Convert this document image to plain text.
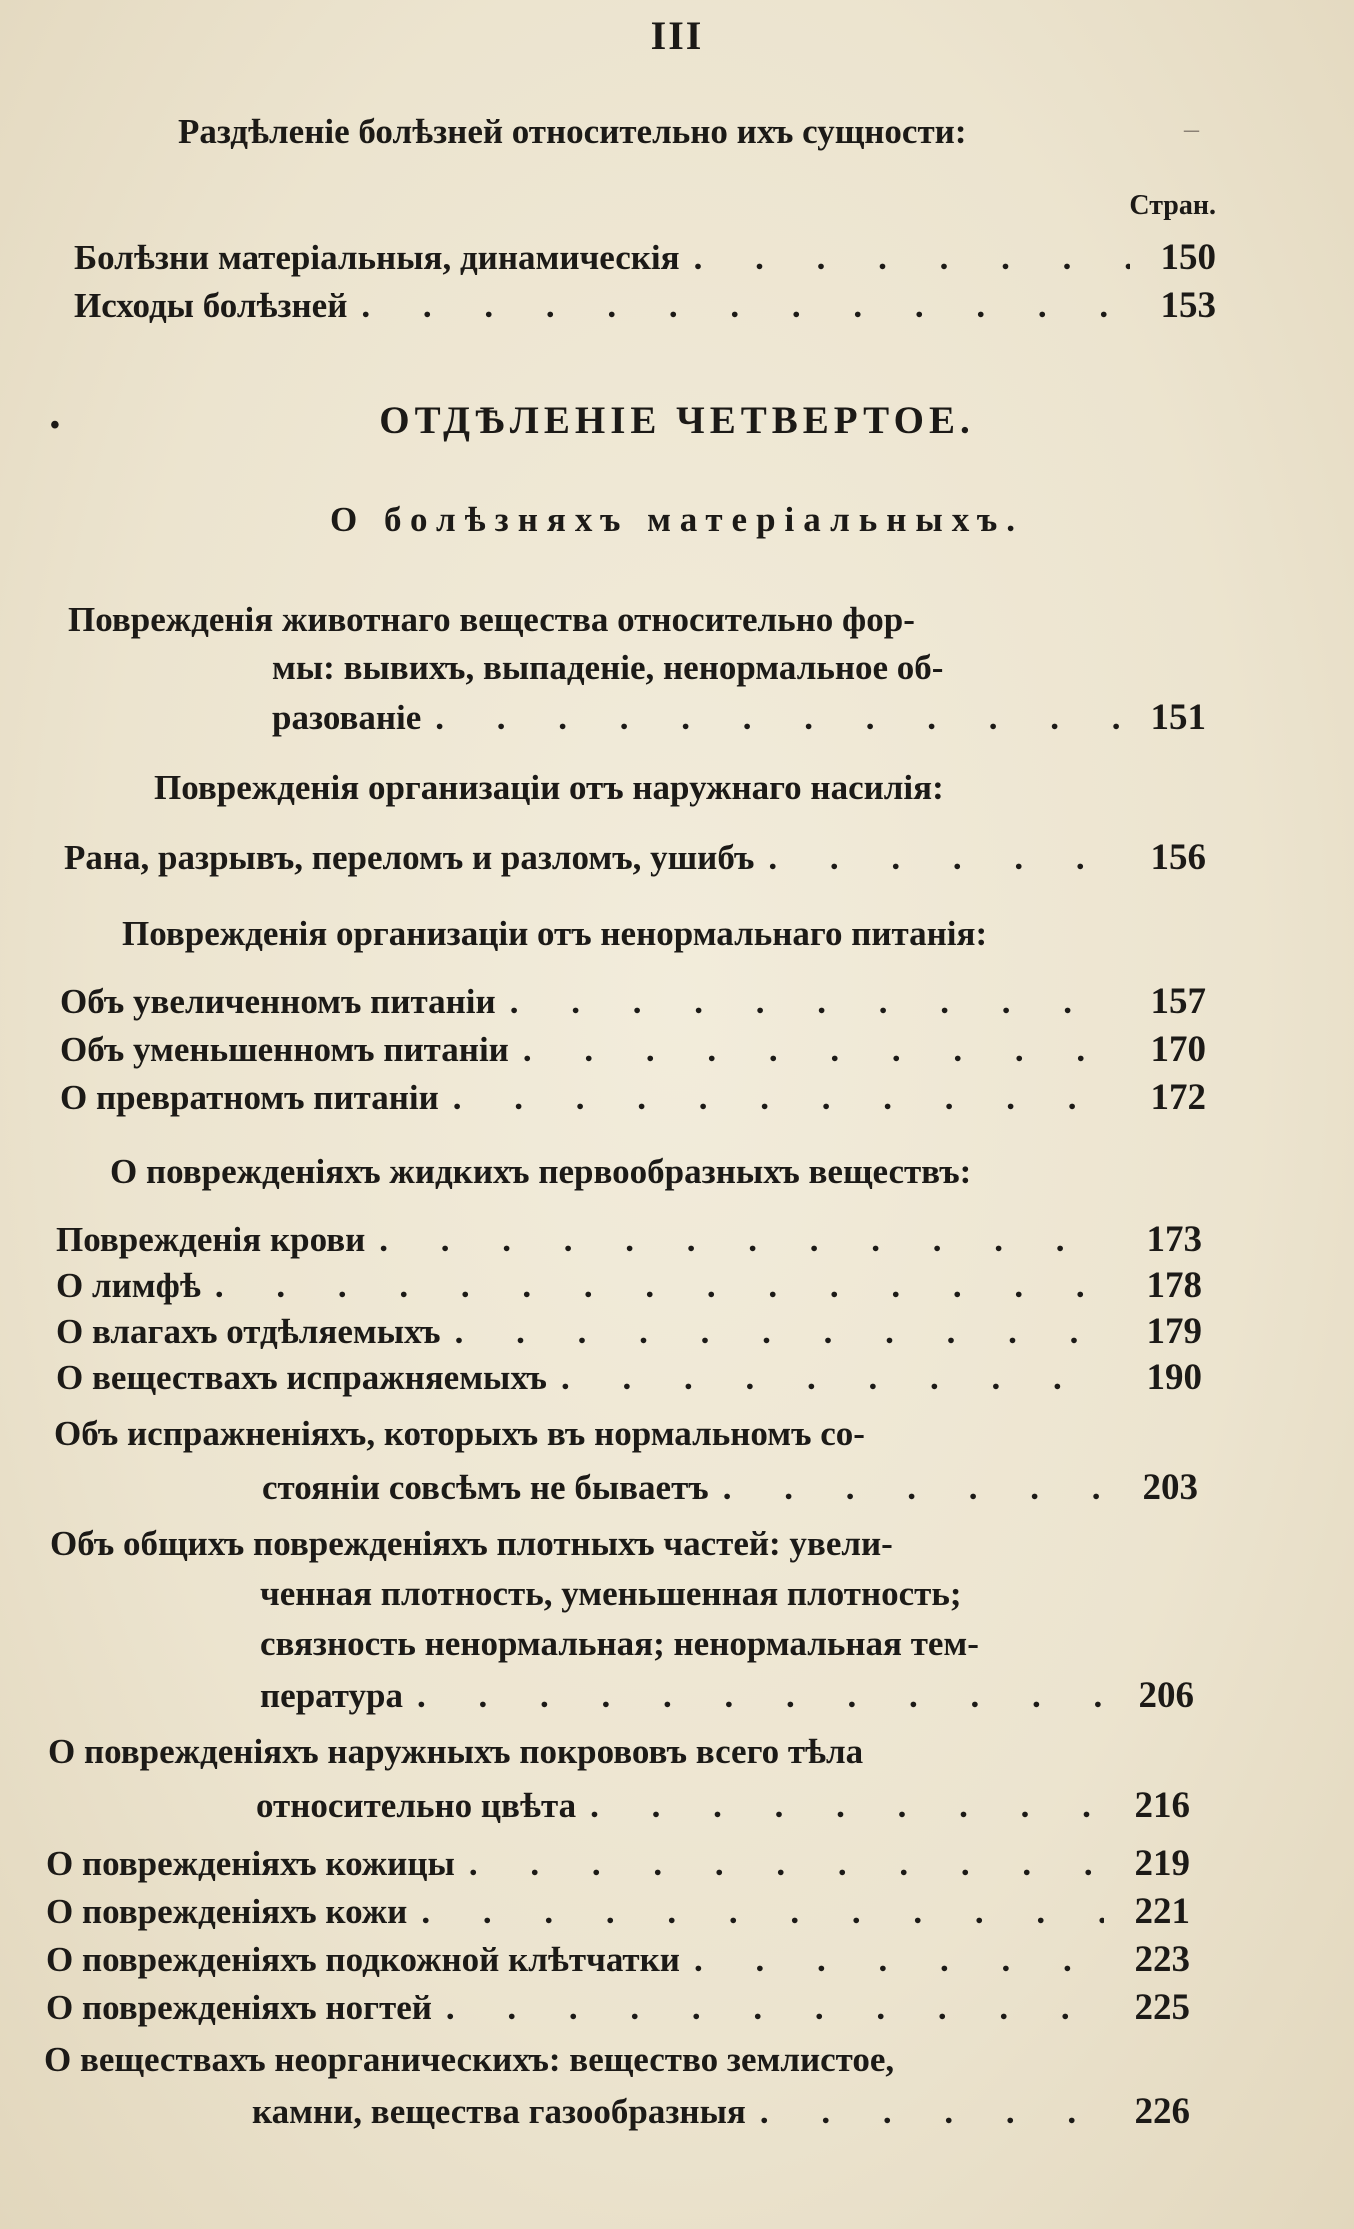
III
Раздѣленіе болѣзней относительно ихъ сущности:	–
Стран.
Болѣзни матеріальныя, динамическія . . .	150
Исходы болѣзней . . .	153
•	ОТДѢЛЕНІЕ ЧЕТВЕРТОЕ.
О болѣзняхъ матеріальныхъ.
Поврежденія животнаго вещества относительно фор-
мы: вывихъ, выпаденіе, ненормальное об-
разованіе . . .	151
Поврежденія организаціи отъ наружнаго насилія:
Рана, разрывъ, переломъ и разломъ, ушибъ . . .	156
Поврежденія организаціи отъ ненормальнаго питанія:
Объ увеличенномъ питаніи . . .	157
Объ уменьшенномъ питаніи . . .	170
О превратномъ питаніи . . .	172
О поврежденіяхъ жидкихъ первообразныхъ веществъ:
Поврежденія крови . . .	173
О лимфѣ . . .	178
О влагахъ отдѣляемыхъ . . .	179
О веществахъ испражняемыхъ . . .	190
Объ испражненіяхъ, которыхъ въ нормальномъ со-
стояніи совсѣмъ не бываетъ . . .	203
Объ общихъ поврежденіяхъ плотныхъ частей: увели-
ченная плотность, уменьшенная плотность;
связность ненормальная; ненормальная тем-
пература . . .	206
О поврежденіяхъ наружныхъ покрововъ всего тѣла
относительно цвѣта . . .	216
О поврежденіяхъ кожицы . . .	219
О поврежденіяхъ кожи . . .	221
О поврежденіяхъ подкожной клѣтчатки . . .	223
О поврежденіяхъ ногтей . . .	225
О веществахъ неорганическихъ: вещество землистое,
камни, вещества газообразныя . . .	226
